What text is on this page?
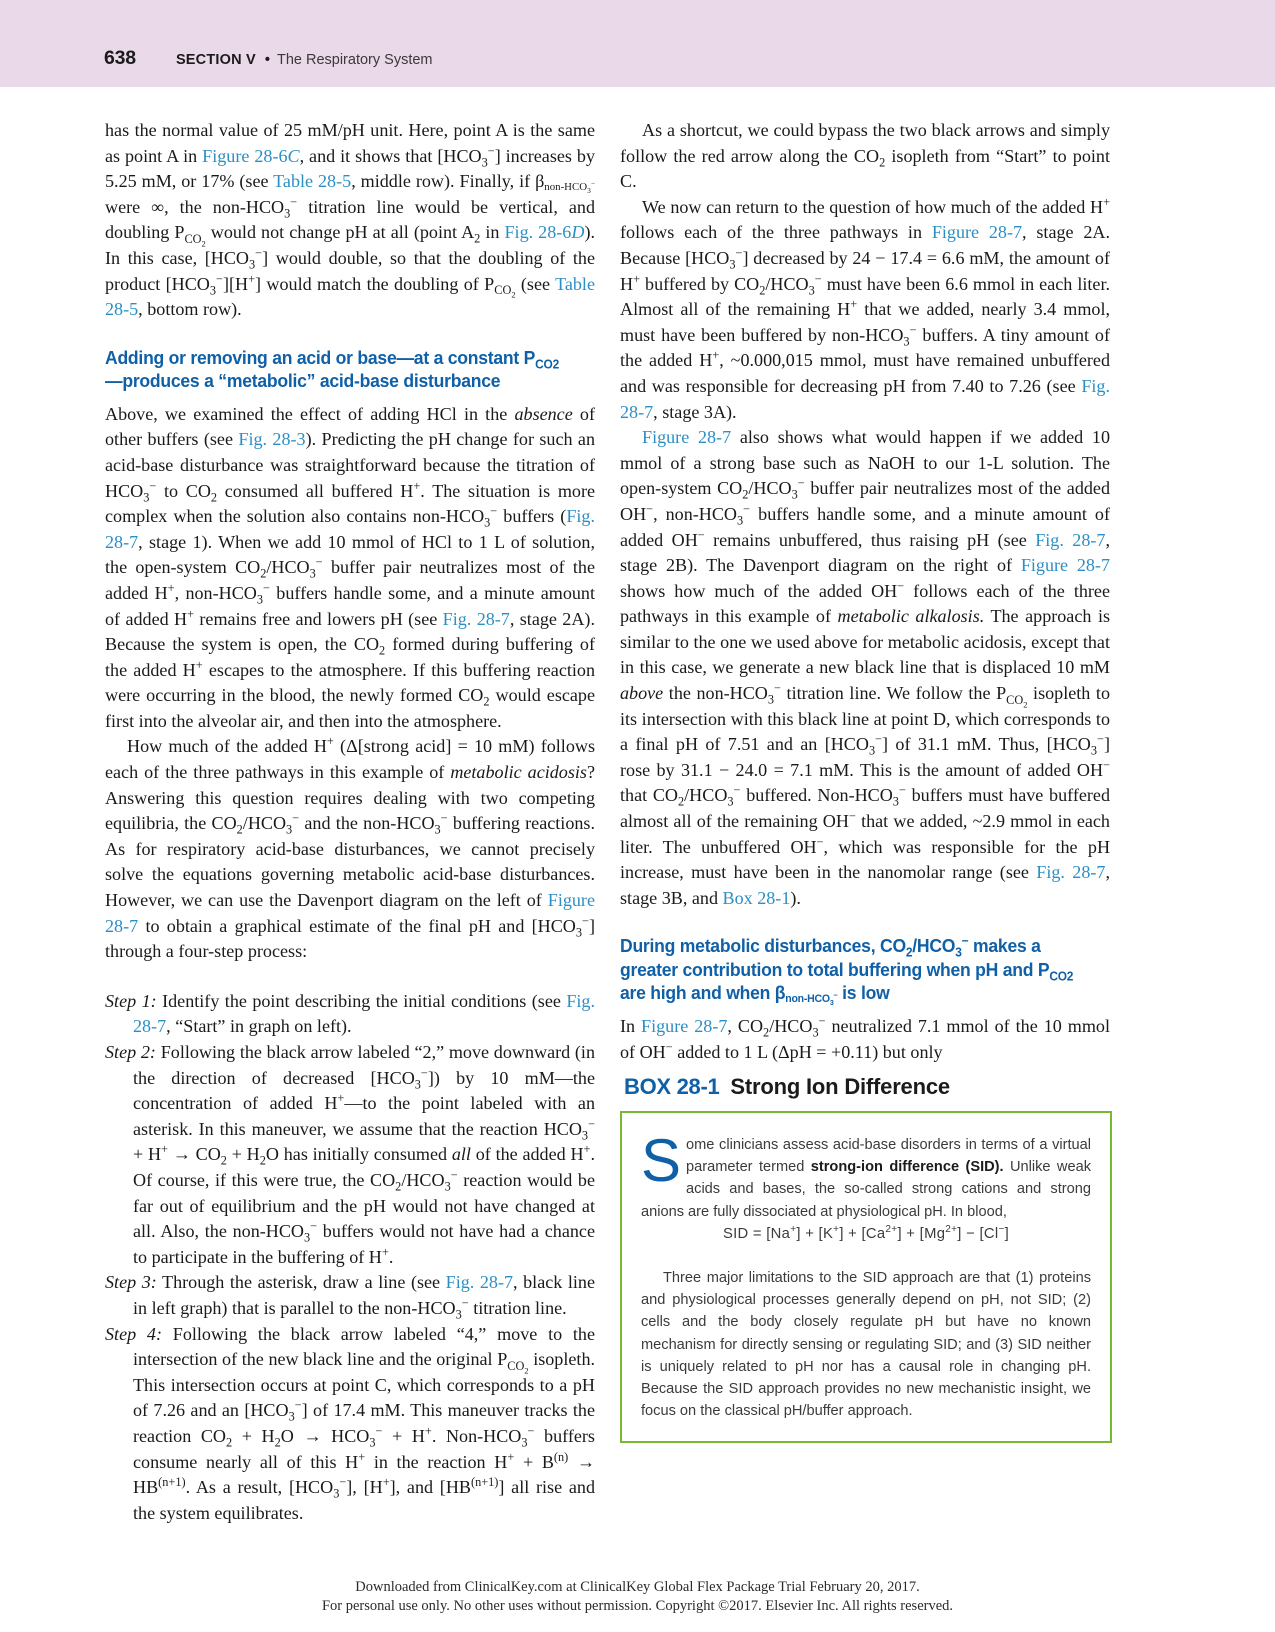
638	SECTION V • The Respiratory System

has the normal value of 25 mM/pH unit. Here, point A is the same as point A in Figure 28-6C, and it shows that $[HCO_3^-]$ increases by 5.25 mM, or 17% (see Table 28-5, middle row). Finally, if βnon-$HCO_3^-$ were ∞, the non-$HCO_3^-$ titration line would be vertical, and doubling $P_{CO_2}$ would not change pH at all (point $A_2$ in Fig. 28-6D). In this case, $[HCO_3^-]$ would double, so that the doubling of the product $[HCO_3^-][H^+]$ would match the doubling of $P_{CO_2}$ (see Table 28-5, bottom row).

Adding or removing an acid or base—at a constant $P_{CO2}—produces$ a “metabolic” acid-base disturbance

Above, we examined the effect of adding HCl in the absence of other buffers (see Fig. 28-3). Predicting the pH change for such an acid-base disturbance was straightforward because the titration of $HCO_3^-$ to $CO_2$ consumed all buffered H+. The situation is more complex when the solution also contains non-$HCO_3^-$ buffers (Fig. 28-7, stage 1). When we add 10 mmol of HCl to 1 L of solution, the open-system $CO_2/HCO_3^-$ buffer pair neutralizes most of the added H+, non-$HCO_3^-$ buffers handle some, and a minute amount of added H+ remains free and lowers pH (see Fig. 28-7, stage 2A). Because the system is open, the $CO_2$ formed during buffering of the added H+ escapes to the atmosphere. If this buffering reaction were occurring in the blood, the newly formed $CO_2$ would escape first into the alveolar air, and then into the atmosphere.

How much of the added H+ (Δ[strong acid] = 10 mM) follows each of the three pathways in this example of metabolic acidosis? Answering this question requires dealing with two competing equilibria, the $CO_2/HCO_3^-$ and the non-$HCO_3^-$ buffering reactions. As for respiratory acid-base disturbances, we cannot precisely solve the equations governing metabolic acid-base disturbances. However, we can use the Davenport diagram on the left of Figure 28-7 to obtain a graphical estimate of the final pH and $[HCO_3^-]$ through a four-step process:

Step 1: Identify the point describing the initial conditions (see Fig. 28-7, “Start” in graph on left).

Step 2: Following the black arrow labeled “2,” move downward (in the direction of decreased $[HCO_3^-]$) by 10 mM—the concentration of added H+—to the point labeled with an asterisk. In this maneuver, we assume that the reaction $HCO_3^- + H^+ \to CO_2 + H_2O$ has initially consumed all of the added H+. Of course, if this were true, the $CO_2/HCO_3^-$ reaction would be far out of equilibrium and the pH would not have changed at all. Also, the non-$HCO_3^-$ buffers would not have had a chance to participate in the buffering of H+.

Step 3: Through the asterisk, draw a line (see Fig. 28-7, black line in left graph) that is parallel to the non-$HCO_3^-$ titration line.

Step 4: Following the black arrow labeled “4,” move to the intersection of the new black line and the original $P_{CO_2}$ isopleth. This intersection occurs at point C, which corresponds to a pH of 7.26 and an $[HCO_3^-]$ of 17.4 mM. This maneuver tracks the reaction $CO_2 + H_2O \to HCO_3^- + H^+$. Non-$HCO_3^-$ buffers consume nearly all of this H+ in the reaction $H^+ + B^{(n)} \to HB^{(n+1)}$. As a result, $[HCO_3^-]$, [H+], and $[HB^{(n+1)}]$ all rise and the system equilibrates.

As a shortcut, we could bypass the two black arrows and simply follow the red arrow along the $CO_2$ isopleth from “Start” to point C.

We now can return to the question of how much of the added H+ follows each of the three pathways in Figure 28-7, stage 2A. Because $[HCO_3^-]$ decreased by 24 − 17.4 = 6.6 mM, the amount of H+ buffered by $CO_2/HCO_3^-$ must have been 6.6 mmol in each liter. Almost all of the remaining H+ that we added, nearly 3.4 mmol, must have been buffered by non-$HCO_3^-$ buffers. A tiny amount of the added H+, ~0.000,015 mmol, must have remained unbuffered and was responsible for decreasing pH from 7.40 to 7.26 (see Fig. 28-7, stage 3A).

Figure 28-7 also shows what would happen if we added 10 mmol of a strong base such as NaOH to our 1-L solution. The open-system $CO_2/HCO_3^-$ buffer pair neutralizes most of the added OH−, non-$HCO_3^-$ buffers handle some, and a minute amount of added OH− remains unbuffered, thus raising pH (see Fig. 28-7, stage 2B). The Davenport diagram on the right of Figure 28-7 shows how much of the added OH− follows each of the three pathways in this example of metabolic alkalosis. The approach is similar to the one we used above for metabolic acidosis, except that in this case, we generate a new black line that is displaced 10 mM above the non-$HCO_3^-$ titration line. We follow the $P_{CO_2}$ isopleth to its intersection with this black line at point D, which corresponds to a final pH of 7.51 and an $[HCO_3^-]$ of 31.1 mM. Thus, $[HCO_3^-]$ rose by 31.1 − 24.0 = 7.1 mM. This is the amount of added OH− that $CO_2/HCO_3^-$ buffered. Non-$HCO_3^-$ buffers must have buffered almost all of the remaining OH− that we added, ~2.9 mmol in each liter. The unbuffered OH−, which was responsible for the pH increase, must have been in the nanomolar range (see Fig. 28-7, stage 3B, and Box 28-1).

During metabolic disturbances, $CO_2/HCO_3^-$ makes a greater contribution to total buffering when pH and $P_{CO2}$ are high and when βnon-$HCO_3^-$ is low

In Figure 28-7, $CO_2/HCO_3^-$ neutralized 7.1 mmol of the 10 mmol of OH− added to 1 L (ΔpH = +0.11) but only

BOX 28-1 Strong Ion Difference

Some clinicians assess acid-base disorders in terms of a virtual parameter termed strong-ion difference (SID). Unlike weak acids and bases, the so-called strong cations and strong anions are fully dissociated at physiological pH. In blood,

SID = $[Na^+] + [K^+] + [Ca^{2+}] + [Mg^{2+}] - [Cl^-]$

Three major limitations to the SID approach are that (1) proteins and physiological processes generally depend on pH, not SID; (2) cells and the body closely regulate pH but have no known mechanism for directly sensing or regulating SID; and (3) SID neither is uniquely related to pH nor has a causal role in changing pH. Because the SID approach provides no new mechanistic insight, we focus on the classical pH/buffer approach.

Downloaded from ClinicalKey.com at ClinicalKey Global Flex Package Trial February 20, 2017.
For personal use only. No other uses without permission. Copyright ©2017. Elsevier Inc. All rights reserved.
